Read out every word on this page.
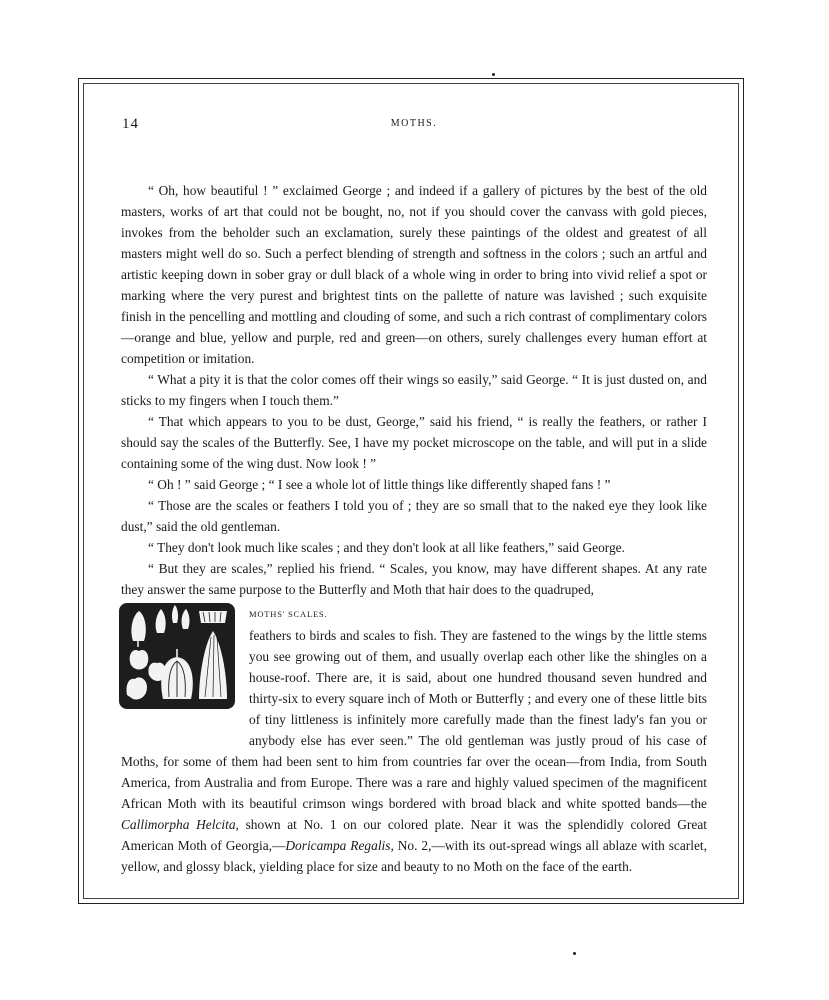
14	MOTHS.

“ Oh, how beautiful ! ” exclaimed George ; and indeed if a gallery of pictures by the best of the old masters, works of art that could not be bought, no, not if you should cover the canvass with gold pieces, invokes from the beholder such an exclamation, surely these paintings of the oldest and greatest of all masters might well do so. Such a perfect blending of strength and softness in the colors ; such an artful and artistic keeping down in sober gray or dull black of a whole wing in order to bring into vivid relief a spot or marking where the very purest and brightest tints on the pallette of nature was lavished ; such exquisite finish in the pencelling and mottling and clouding of some, and such a rich contrast of complimentary colors—orange and blue, yellow and purple, red and green—on others, surely challenges every human effort at competition or imitation.

“ What a pity it is that the color comes off their wings so easily,” said George. “ It is just dusted on, and sticks to my fingers when I touch them.”

“ That which appears to you to be dust, George,” said his friend, “ is really the feathers, or rather I should say the scales of the Butterfly. See, I have my pocket microscope on the table, and will put in a slide containing some of the wing dust. Now look ! ”

“ Oh ! ” said George ; “ I see a whole lot of little things like differently shaped fans ! ”

“ Those are the scales or feathers I told you of ; they are so small that to the naked eye they look like dust,” said the old gentleman.

“ They don't look much like scales ; and they don't look at all like feathers,” said George.

“ But they are scales,” replied his friend. “ Scales, you know, may have different shapes. At any rate they answer the same purpose to the Butterfly and Moth that hair does to the quadruped,

MOTHS' SCALES.
feathers to birds and scales to fish. They are fastened to the wings by the little stems you see growing out of them, and usually overlap each other like the shingles on a house-roof. There are, it is said, about one hundred thousand seven hundred and thirty-six to every square inch of Moth or Butterfly ; and every one of these little bits of tiny littleness is infinitely more carefully made than the finest lady's fan you or anybody else has ever seen.” The old gentleman was justly proud of his case of Moths, for some of them had been sent to him from countries far over the ocean—from India, from South America, from Australia and from Europe. There was a rare and highly valued specimen of the magnificent African Moth with its beautiful crimson wings bordered with broad black and white spotted bands—the Callimorpha Helcita, shown at No. 1 on our colored plate. Near it was the splendidly colored Great American Moth of Georgia,—Doricampa Regalis, No. 2,—with its out-spread wings all ablaze with scarlet, yellow, and glossy black, yielding place for size and beauty to no Moth on the face of the earth.
